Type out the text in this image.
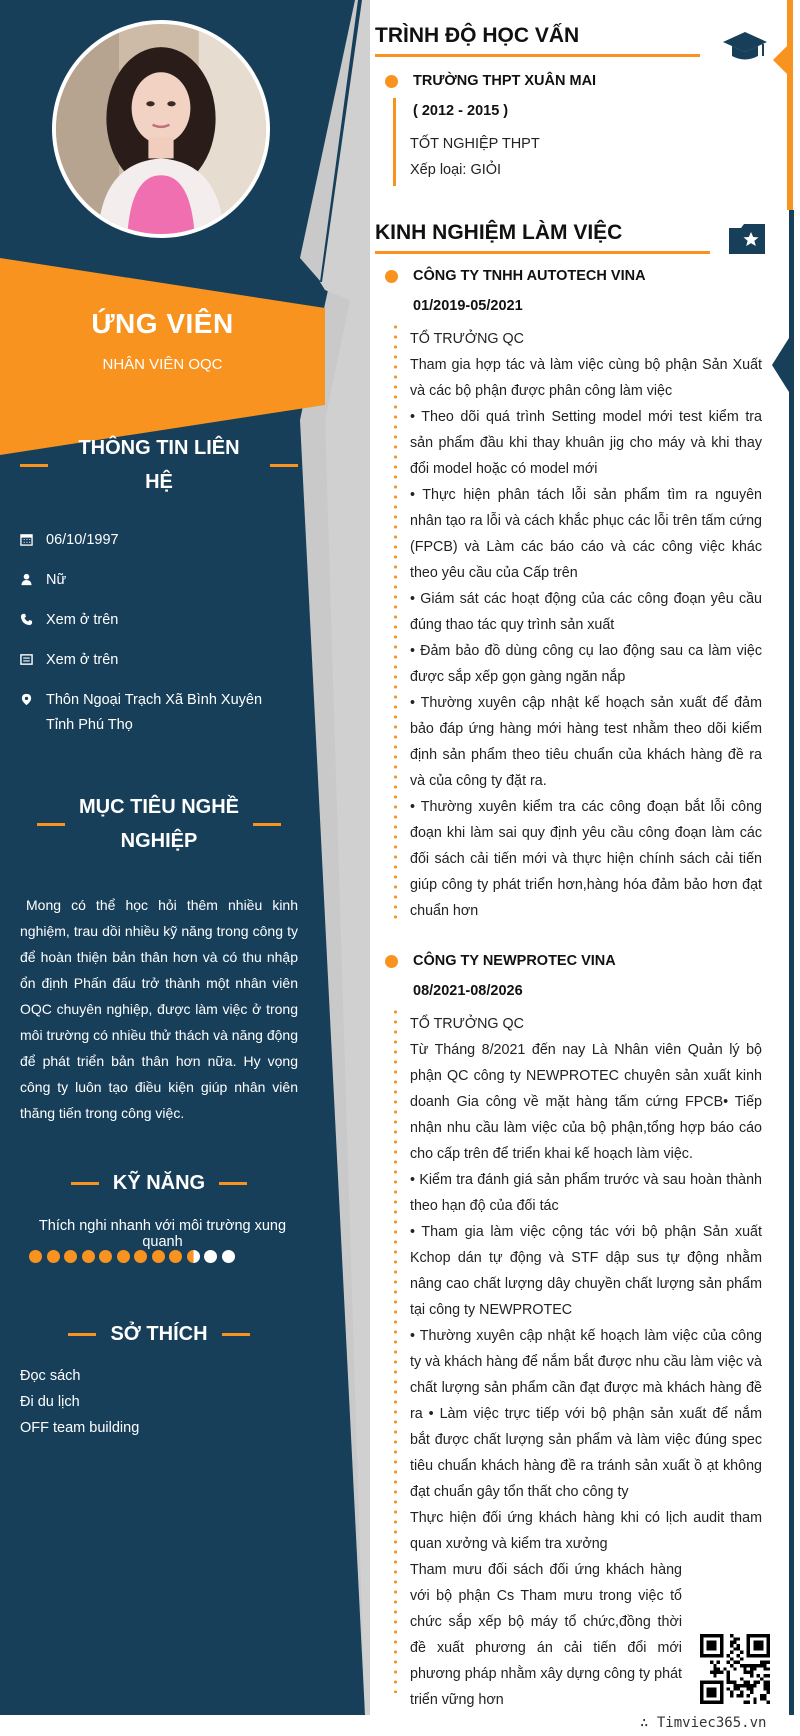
ỨNG VIÊN
NHÂN VIÊN OQC
THÔNG TIN LIÊN HỆ
06/10/1997
Nữ
Xem ở trên
Xem ở trên
Thôn Ngoại Trạch Xã Bình Xuyên Tỉnh Phú Thọ
MỤC TIÊU NGHỀ
NGHIỆP
Mong có thể học hỏi thêm nhiều kinh nghiệm, trau dồi nhiều kỹ năng trong công ty để hoàn thiện bản thân hơn và có thu nhập ổn định Phấn đấu trở thành một nhân viên OQC chuyên nghiệp, được làm việc ở trong môi trường có nhiều thử thách và năng động để phát triển bản thân hơn nữa. Hy vọng công ty luôn tạo điều kiện giúp nhân viên thăng tiến trong công việc.
KỸ NĂNG
Thích nghi nhanh với môi trường xung quanh
SỞ THÍCH
Đọc sách
Đi du lịch
OFF team building
TRÌNH ĐỘ HỌC VẤN
TRƯỜNG THPT XUÂN MAI
( 2012 - 2015 )
TỐT NGHIỆP THPT
Xếp loại: GIỎI
KINH NGHIỆM LÀM VIỆC
CÔNG TY TNHH AUTOTECH VINA
01/2019-05/2021

TỔ TRƯỞNG QC

Tham gia hợp tác và làm việc cùng bộ phận Sản Xuất và các bộ phận được phân công làm việc

• Theo dõi quá trình Setting model mới test kiểm tra sản phẩm đầu khi thay khuân jig cho máy và khi thay đổi model hoặc có model mới

• Thực hiện phân tách lỗi sản phẩm tìm ra nguyên nhân tạo ra lỗi và cách khắc phục các lỗi trên tấm cứng (FPCB) và Làm các báo cáo và các công việc khác theo yêu cầu của Cấp trên

• Giám sát các hoạt động của các công đoạn yêu cầu đúng thao tác quy trình sản xuất

• Đảm bảo đồ dùng công cụ lao động sau ca làm việc được sắp xếp gọn gàng ngăn nắp

• Thường xuyên cập nhật kế hoạch sản xuất để đảm bảo đáp ứng hàng mới hàng test nhằm theo dõi kiểm định sản phẩm theo tiêu chuẩn của khách hàng đề ra và của công ty đặt ra.

• Thường xuyên kiểm tra các công đoạn bắt lỗi công đoạn khi làm sai quy định yêu cầu công đoạn làm các đối sách cải tiến mới và thực hiện chính sách cải tiến giúp công ty phát triển hơn,hàng hóa đảm bảo hơn đạt chuẩn hơn

CÔNG TY NEWPROTEC VINA
08/2021-08/2026

TỔ TRƯỞNG QC

Từ Tháng 8/2021 đến nay Là Nhân viên Quản lý bộ phận QC công ty NEWPROTEC chuyên sản xuất kinh doanh Gia công về mặt hàng tấm cứng FPCB• Tiếp nhận nhu cầu làm việc của bộ phận,tổng hợp báo cáo cho cấp trên để triển khai kế hoạch làm việc.

• Kiểm tra đánh giá sản phẩm trước và sau hoàn thành theo hạn độ của đối tác

• Tham gia làm việc cộng tác với bộ phận Sản xuất Kchop dán tự động và STF dập sus tự động nhằm nâng cao chất lượng dây chuyền chất lượng sản phẩm tại công ty NEWPROTEC

• Thường xuyên cập nhật kế hoạch làm việc của công ty và khách hàng để nắm bắt được nhu cầu làm việc và chất lượng sản phẩm cần đạt được mà khách hàng đề ra • Làm việc trực tiếp với bộ phận sản xuất để nắm bắt được chất lượng sản phẩm và làm việc đúng spec tiêu chuẩn khách hàng đề ra tránh sản xuất ồ ạt không đạt chuẩn gây tổn thất cho công ty

Thực hiện đối ứng khách hàng khi có lịch audit tham quan xưởng và kiểm tra xưởng

Tham mưu đối sách đối ứng khách hàng với bộ phận Cs Tham mưu trong việc tổ chức sắp xếp bộ máy tổ chức,đồng thời đề xuất phương án cải tiến đổi mới phương pháp nhằm xây dựng công ty phát triển vững hơn

∴ Timviec365.vn
